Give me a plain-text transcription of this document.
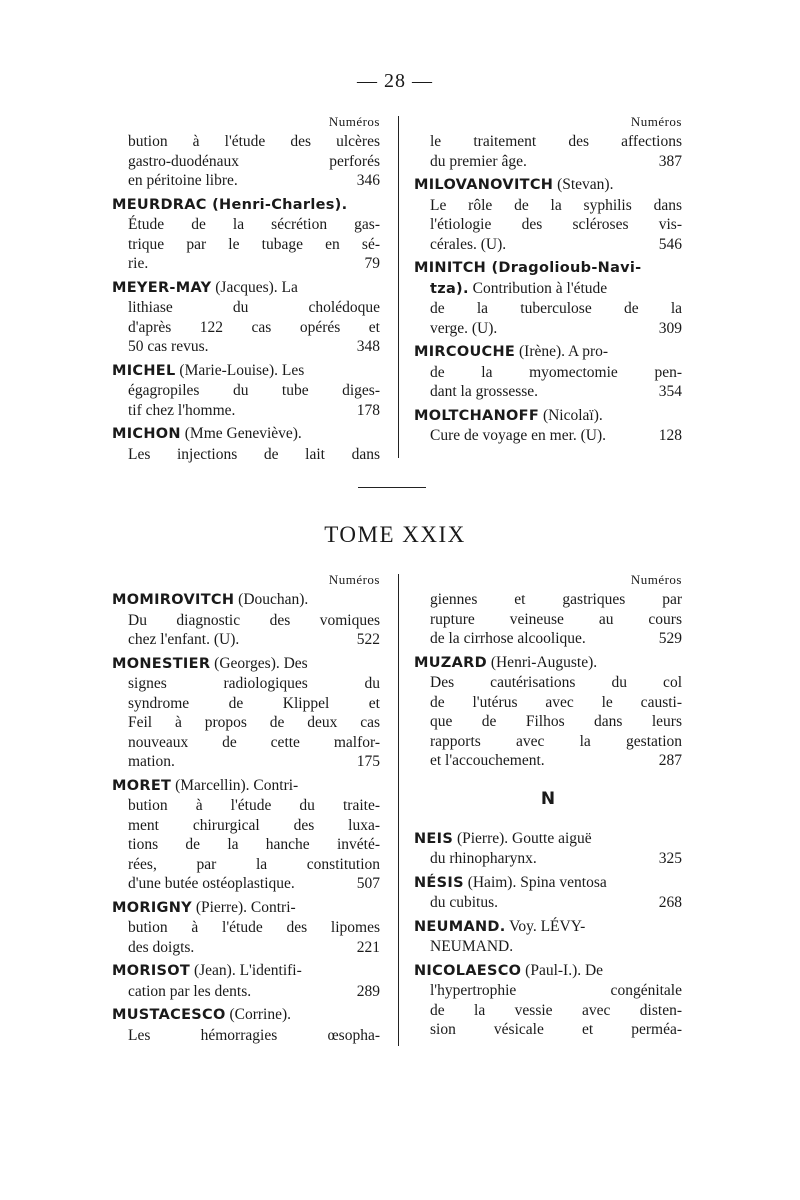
— 28 —
Numéros
bution à l'étude des ulcères
gastro-duodénaux perforés
en péritoine libre.	346
MEURDRAC (Henri-Charles).
Étude de la sécrétion gas-
trique par le tubage en sé-
rie.	79
MEYER-MAY (Jacques). La
lithiase du cholédoque
d'après 122 cas opérés et
50 cas revus.	348
MICHEL (Marie-Louise). Les
égagropiles du tube diges-
tif chez l'homme.	178
MICHON (Mme Geneviève).
Les injections de lait dans
Numéros
le traitement des affections
du premier âge.	387
MILOVANOVITCH (Stevan).
Le rôle de la syphilis dans
l'étiologie des scléroses vis-
cérales. (U).	546
MINITCH (Dragolioub-Navi-
tza). Contribution à l'étude
de la tuberculose de la
verge. (U).	309
MIRCOUCHE (Irène). A pro-
de la myomectomie pen-
dant la grossesse.	354
MOLTCHANOFF (Nicolaï).
Cure de voyage en mer. (U).	128
TOME XXIX
Numéros
MOMIROVITCH (Douchan).
Du diagnostic des vomiques
chez l'enfant. (U).	522
MONESTIER (Georges). Des
signes radiologiques du
syndrome de Klippel et
Feil à propos de deux cas
nouveaux de cette malfor-
mation.	175
MORET (Marcellin). Contri-
bution à l'étude du traite-
ment chirurgical des luxa-
tions de la hanche invété-
rées, par la constitution
d'une butée ostéoplastique.	507
MORIGNY (Pierre). Contri-
bution à l'étude des lipomes
des doigts.	221
MORISOT (Jean). L'identifi-
cation par les dents.	289
MUSTACESCO (Corrine).
Les hémorragies œsopha-
Numéros
giennes et gastriques par
rupture veineuse au cours
de la cirrhose alcoolique.	529
MUZARD (Henri-Auguste).
Des cautérisations du col
de l'utérus avec le causti-
que de Filhos dans leurs
rapports avec la gestation
et l'accouchement.	287
N
NEIS (Pierre). Goutte aiguë
du rhinopharynx.	325
NÉSIS (Haim). Spina ventosa
du cubitus.	268
NEUMAND. Voy. LÉVY-
NEUMAND.
NICOLAESCO (Paul-I.). De
l'hypertrophie congénitale
de la vessie avec disten-
sion vésicale et perméa-
